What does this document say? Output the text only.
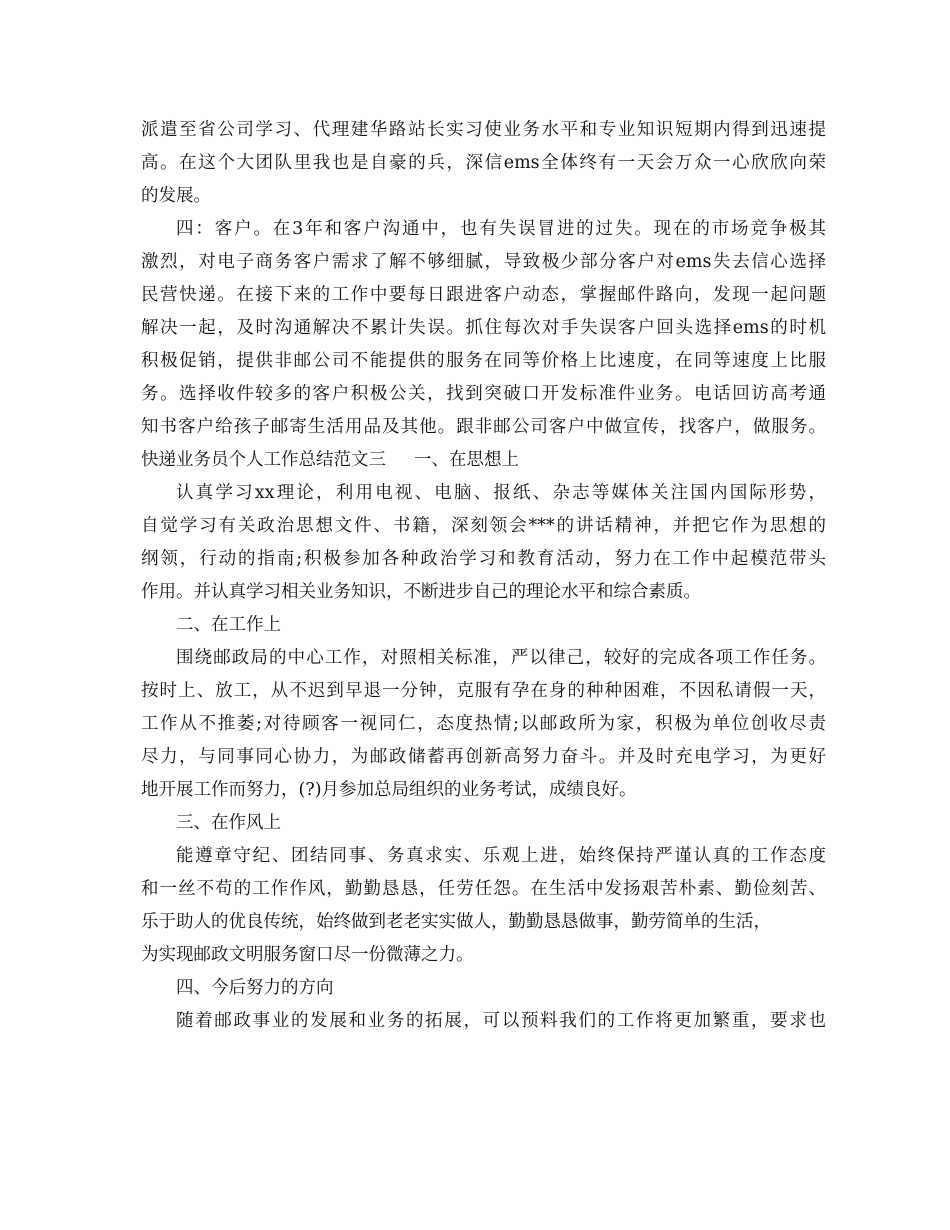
派遣至省公司学习、代理建华路站长实习使业务水平和专业知识短期内得到迅速提
高。在这个大团队里我也是自豪的兵，深信ems全体终有一天会万众一心欣欣向荣
的发展。
四：客户。在3年和客户沟通中，也有失误冒进的过失。现在的市场竞争极其
激烈，对电子商务客户需求了解不够细腻，导致极少部分客户对ems失去信心选择
民营快递。在接下来的工作中要每日跟进客户动态，掌握邮件路向，发现一起问题
解决一起，及时沟通解决不累计失误。抓住每次对手失误客户回头选择ems的时机
积极促销，提供非邮公司不能提供的服务在同等价格上比速度，在同等速度上比服
务。选择收件较多的客户积极公关，找到突破口开发标准件业务。电话回访高考通
知书客户给孩子邮寄生活用品及其他。跟非邮公司客户中做宣传，找客户，做服务。
快递业务员个人工作总结范文三 一、在思想上
认真学习xx理论，利用电视、电脑、报纸、杂志等媒体关注国内国际形势，
自觉学习有关政治思想文件、书籍，深刻领会***的讲话精神，并把它作为思想的
纲领，行动的指南;积极参加各种政治学习和教育活动，努力在工作中起模范带头
作用。并认真学习相关业务知识，不断进步自己的理论水平和综合素质。
二、在工作上
围绕邮政局的中心工作，对照相关标准，严以律己，较好的完成各项工作任务。
按时上、放工，从不迟到早退一分钟，克服有孕在身的种种困难，不因私请假一天，
工作从不推萎;对待顾客一视同仁，态度热情;以邮政所为家，积极为单位创收尽责
尽力，与同事同心协力，为邮政储蓄再创新高努力奋斗。并及时充电学习，为更好
地开展工作而努力，(?)月参加总局组织的业务考试，成绩良好。
三、在作风上
能遵章守纪、团结同事、务真求实、乐观上进，始终保持严谨认真的工作态度
和一丝不苟的工作作风，勤勤恳恳，任劳任怨。在生活中发扬艰苦朴素、勤俭刻苦、
乐于助人的优良传统，始终做到老老实实做人，勤勤恳恳做事，勤劳简单的生活，
为实现邮政文明服务窗口尽一份微薄之力。
四、今后努力的方向
随着邮政事业的发展和业务的拓展，可以预料我们的工作将更加繁重，要求也
